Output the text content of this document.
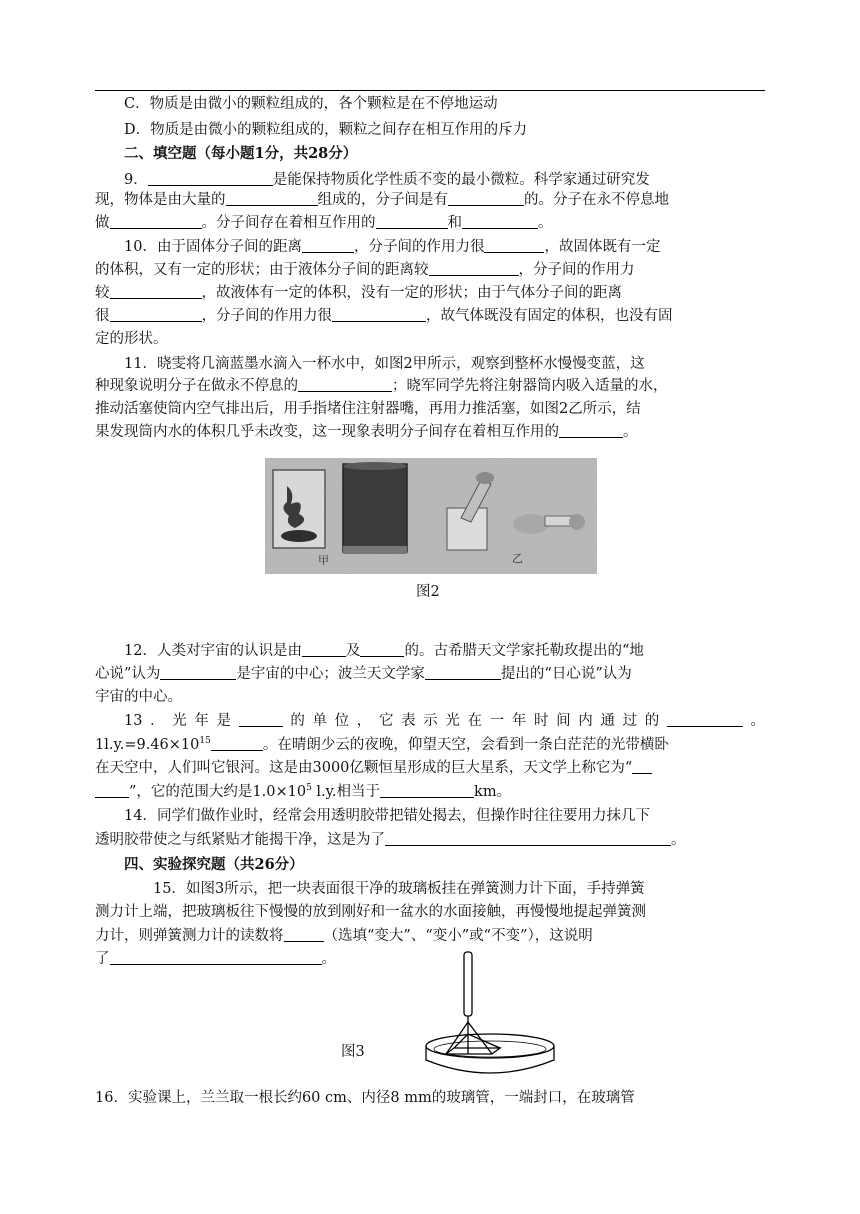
C．物质是由微小的颗粒组成的，各个颗粒是在不停地运动

D．物质是由微小的颗粒组成的，颗粒之间存在相互作用的斥力

二、填空题（每小题1分，共28分）

9．	是能保持物质化学性质不变的最小微粒。科学家通过研究发

现，物体是由大量的	组成的，分子间是有	的。分子在永不停息地

做	。分子间存在着相互作用的	和	。

10．由于固体分子间的距离	，分子间的作用力很	，故固体既有一定

的体积，又有一定的形状；由于液体分子间的距离较	，分子间的作用力

较	，故液体有一定的体积，没有一定的形状；由于气体分子间的距离

很	，分子间的作用力很	，故气体既没有固定的体积，也没有固

定的形状。

11．晓雯将几滴蓝墨水滴入一杯水中，如图2甲所示，观察到整杯水慢慢变蓝，这

种现象说明分子在做永不停息的	；晓军同学先将注射器筒内吸入适量的水，

推动活塞使筒内空气排出后，用手指堵住注射器嘴，再用力推活塞，如图2乙所示，结

果发现筒内水的体积几乎未改变，这一现象表明分子间存在着相互作用的	。

甲	乙
图2

12．人类对宇宙的认识是由	及	的。古希腊天文学家托勒玫提出的“地

心说”认为	是宇宙的中心；波兰天文学家	提出的“日心说”认为

宇宙的中心。

13．光年是	的单位，它表示光在一年时间内通过的	。

$1l.y.=9.46\times 10^{15}$	。在晴朗少云的夜晚，仰望天空，会看到一条白茫茫的光带横卧

在天空中，人们叫它银河。这是由3000亿颗恒星形成的巨大星系，天文学上称它为“

”，它的范围大约是$1.0\times 10^5$ l.y.相当于	km。

14．同学们做作业时，经常会用透明胶带把错处揭去，但操作时往往要用力抹几下

透明胶带使之与纸紧贴才能揭干净，这是为了	。

四、实验探究题（共26分）

15．如图3所示，把一块表面很干净的玻璃板挂在弹簧测力计下面，手持弹簧

测力计上端，把玻璃板往下慢慢的放到刚好和一盆水的水面接触，再慢慢地提起弹簧测

力计，则弹簧测力计的读数将	（选填“变大”、“变小”或“不变”），这说明

了	。

图3

16．实验课上，兰兰取一根长约60 cm、内径8 mm的玻璃管，一端封口，在玻璃管
